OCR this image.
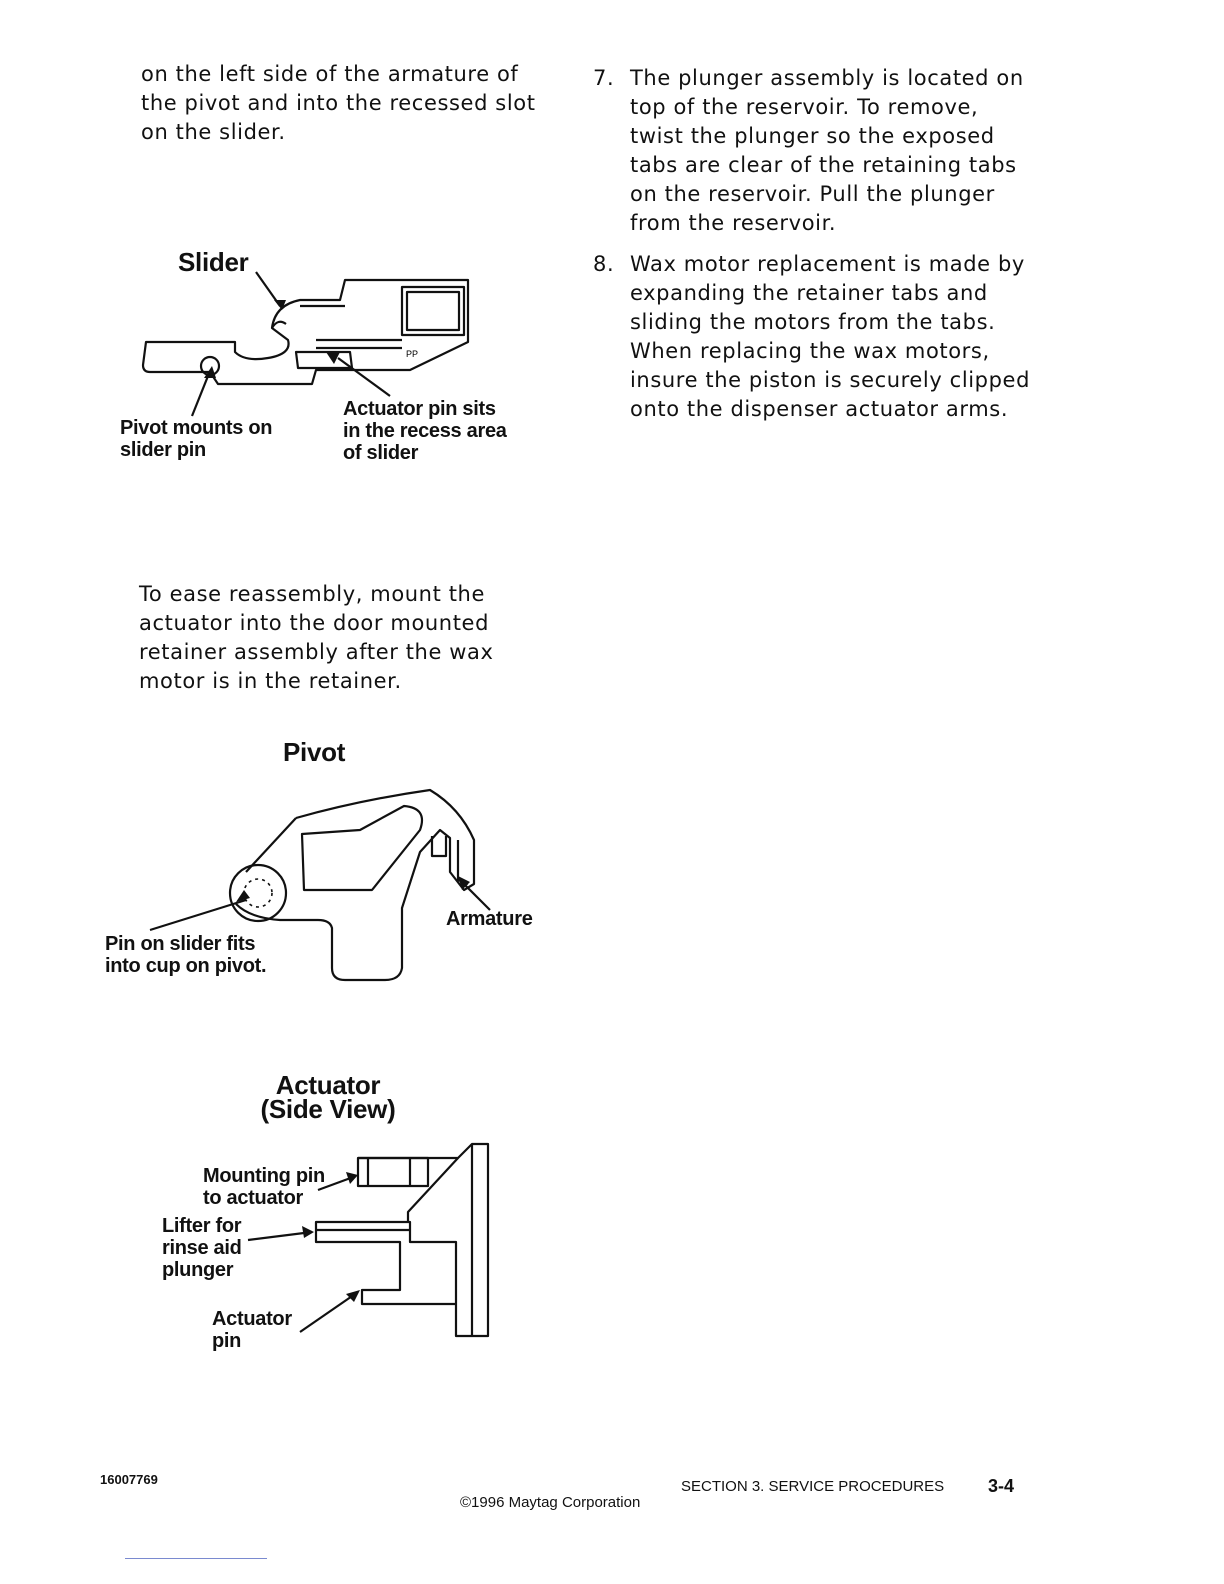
on the left side of the armature of
the pivot and into the recessed slot
on the slider.
Slider
PP
Pivot mounts on
slider pin
Actuator pin sits
in the recess area
of slider
To ease reassembly, mount the
actuator into the door mounted
retainer assembly after the wax
motor is in the retainer.
Pivot
Armature
Pin on slider fits
into cup on pivot.
Actuator
(Side View)
Mounting pin
to actuator
Lifter for
rinse aid
plunger
Actuator
pin
7. The plunger assembly is located on
top of the reservoir. To remove,
twist the plunger so the exposed
tabs are clear of the retaining tabs
on the reservoir. Pull the plunger
from the reservoir.
8. Wax motor replacement is made by
expanding the retainer tabs and
sliding the motors from the tabs.
When replacing the wax motors,
insure the piston is securely clipped
onto the dispenser actuator arms.
16007769
©1996 Maytag Corporation
SECTION 3. SERVICE PROCEDURES 3-4
